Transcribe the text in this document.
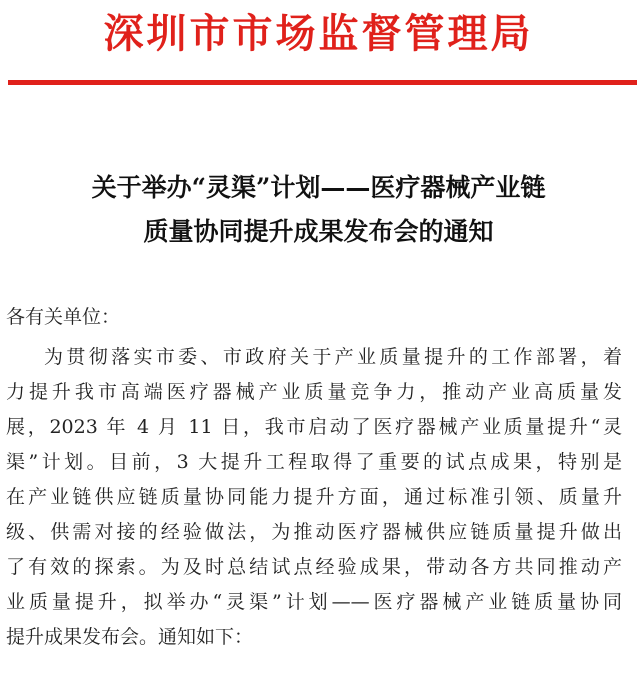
深圳市市场监督管理局
关于举办“灵渠”计划——医疗器械产业链
质量协同提升成果发布会的通知
各有关单位：
为贯彻落实市委、市政府关于产业质量提升的工作部署，着
力提升我市高端医疗器械产业质量竞争力，推动产业高质量发
展，2023 年 4 月 11 日，我市启动了医疗器械产业质量提升“灵
渠”计划。目前，3 大提升工程取得了重要的试点成果，特别是
在产业链供应链质量协同能力提升方面，通过标准引领、质量升
级、供需对接的经验做法，为推动医疗器械供应链质量提升做出
了有效的探索。为及时总结试点经验成果，带动各方共同推动产
业质量提升，拟举办“灵渠”计划——医疗器械产业链质量协同
提升成果发布会。通知如下：
